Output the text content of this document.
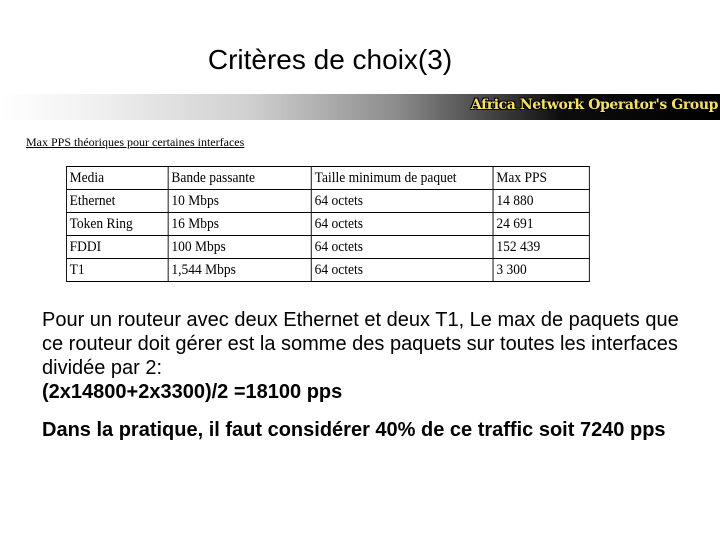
Critères de choix(3)
Africa Network Operator's Group
Max PPS théoriques pour certaines interfaces
Media	Bande passante	Taille minimum de paquet	Max PPS
Ethernet	10 Mbps	64 octets	14 880
Token Ring	16 Mbps	64 octets	24 691
FDDI	100 Mbps	64 octets	152 439
T1	1,544 Mbps	64 octets	3 300

Pour un routeur avec deux Ethernet et deux T1, Le max de paquets que ce routeur doit gérer est la somme des paquets sur toutes les interfaces dividée par 2:

(2x14800+2x3300)/2 =18100 pps

Dans la pratique, il faut considérer 40% de ce traffic soit 7240 pps
